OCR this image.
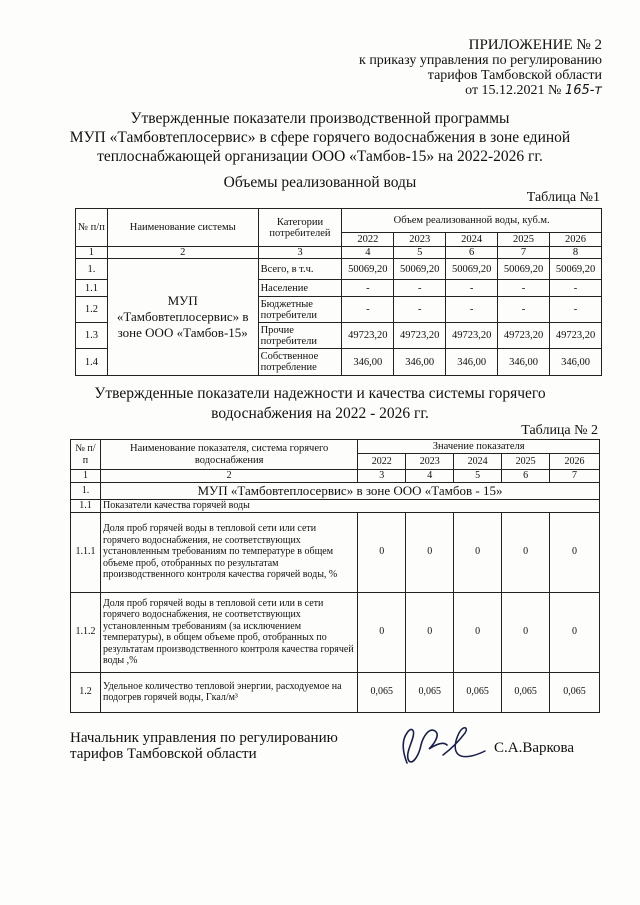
ПРИЛОЖЕНИЕ № 2
к приказу управления по регулированию
тарифов Тамбовской области
от 15.12.2021 № 165-т
Утвержденные показатели производственной программы
МУП «Тамбовтеплосервис» в сфере горячего водоснабжения в зоне единой
теплоснабжающей организации ООО «Тамбов-15» на 2022-2026 гг.
Объемы реализованной воды
Таблица №1
№ п/п	Наименование системы	Категории потребителей	Объем реализованной воды, куб.м.				
			2022	2023	2024	2025	2026
1	2	3	4	5	6	7	8
1.	МУП «Тамбовтеплосервис» в зоне ООО «Тамбов-15»	Всего, в т.ч.	50069,20	50069,20	50069,20	50069,20	50069,20
1.1		Население	-	-	-	-	-
1.2		Бюджетные потребители	-	-	-	-	-
1.3		Прочие потребители	49723,20	49723,20	49723,20	49723,20	49723,20
1.4		Собственное потребление	346,00	346,00	346,00	346,00	346,00
Утвержденные показатели надежности и качества системы горячего
водоснабжения на 2022 - 2026 гг.
Таблица № 2
№ п/п	Наименование показателя, система горячего водоснабжения	Значение показателя				
		2022	2023	2024	2025	2026
1	2	3	4	5	6	7
1.	МУП «Тамбовтеплосервис» в зоне ООО «Тамбов - 15»					
1.1	Показатели качества горячей воды					
1.1.1	Доля проб горячей воды в тепловой сети или сети горячего водоснабжения, не соответствующих установленным требованиям по температуре в общем объеме проб, отобранных по результатам производственного контроля качества горячей воды, %	0	0	0	0	0
1.1.2	Доля проб горячей воды в тепловой сети или в сети горячего водоснабжения, не соответствующих установленным требованиям (за исключением температуры), в общем объеме проб, отобранных по результатам производственного контроля качества горячей воды ,%	0	0	0	0	0
1.2	Удельное количество тепловой энергии, расходуемое на подогрев горячей воды, Гкал/м³	0,065	0,065	0,065	0,065	0,065
Начальник управления по регулированию
тарифов Тамбовской области	С.А.Варкова
